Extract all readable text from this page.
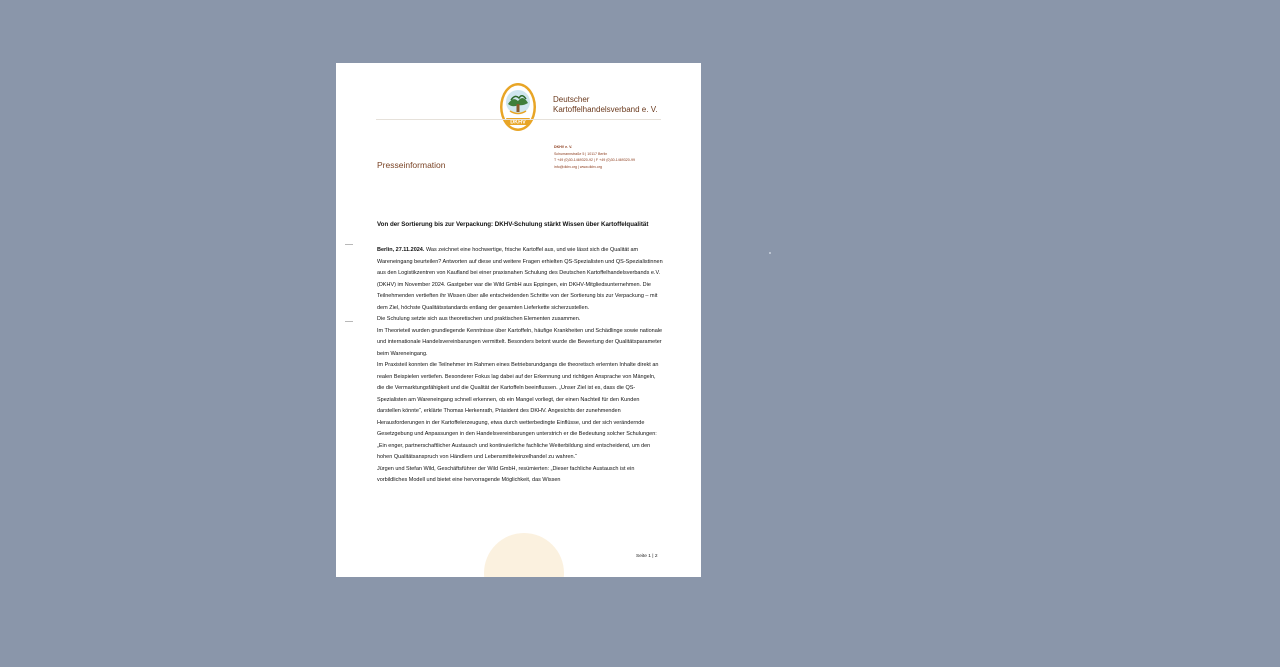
DKHV
Deutscher
Kartoffelhandelsverband e. V.
DKHV e. V.
Schumannstraße 5 | 10117 Berlin
T +49 (0)30-1469320-92 | F +49 (0)30-1469320-99
info@dkhv.org | www.dkhv.org
Presseinformation
Von der Sortierung bis zur Verpackung: DKHV-Schulung stärkt Wissen über Kartoffelqualität

Berlin, 27.11.2024. Was zeichnet eine hochwertige, frische Kartoffel aus, und wie lässt sich die Qualität am Wareneingang beurteilen? Antworten auf diese und weitere Fragen erhielten QS-Spezialisten und QS-Spezialistinnen aus den Logistikzentren von Kaufland bei einer praxisnahen Schulung des Deutschen Kartoffelhandelsverbands e.V. (DKHV) im November 2024. Gastgeber war die Wild GmbH aus Eppingen, ein DKHV-Mitgliedsunternehmen. Die Teilnehmenden vertieften ihr Wissen über alle entscheidenden Schritte von der Sortierung bis zur Verpackung – mit dem Ziel, höchste Qualitätsstandards entlang der gesamten Lieferkette sicherzustellen.

Die Schulung setzte sich aus theoretischen und praktischen Elementen zusammen.

Im Theorieteil wurden grundlegende Kenntnisse über Kartoffeln, häufige Krankheiten und Schädlinge sowie nationale und internationale Handelsvereinbarungen vermittelt. Besonders betont wurde die Bewertung der Qualitätsparameter beim Wareneingang.

Im Praxisteil konnten die Teilnehmer im Rahmen eines Betriebsrundgangs die theoretisch erlernten Inhalte direkt an realen Beispielen vertiefen. Besonderer Fokus lag dabei auf der Erkennung und richtigen Ansprache von Mängeln, die die Vermarktungsfähigkeit und die Qualität der Kartoffeln beeinflussen. „Unser Ziel ist es, dass die QS-Spezialisten am Wareneingang schnell erkennen, ob ein Mangel vorliegt, der einen Nachteil für den Kunden darstellen könnte“, erklärte Thomas Herkenrath, Präsident des DKHV. Angesichts der zunehmenden Herausforderungen in der Kartoffelerzeugung, etwa durch wetterbedingte Einflüsse, und der sich verändernde Gesetzgebung und Anpassungen in den Handelsvereinbarungen unterstrich er die Bedeutung solcher Schulungen: „Ein enger, partnerschaftlicher Austausch und kontinuierliche fachliche Weiterbildung sind entscheidend, um den hohen Qualitätsanspruch von Händlern und Lebensmitteleinzelhandel zu wahren.“

Jürgen und Stefan Wild, Geschäftsführer der Wild GmbH, resümierten: „Dieser fachliche Austausch ist ein vorbildliches Modell und bietet eine hervorragende Möglichkeit, das Wissen

Seite 1 | 2
